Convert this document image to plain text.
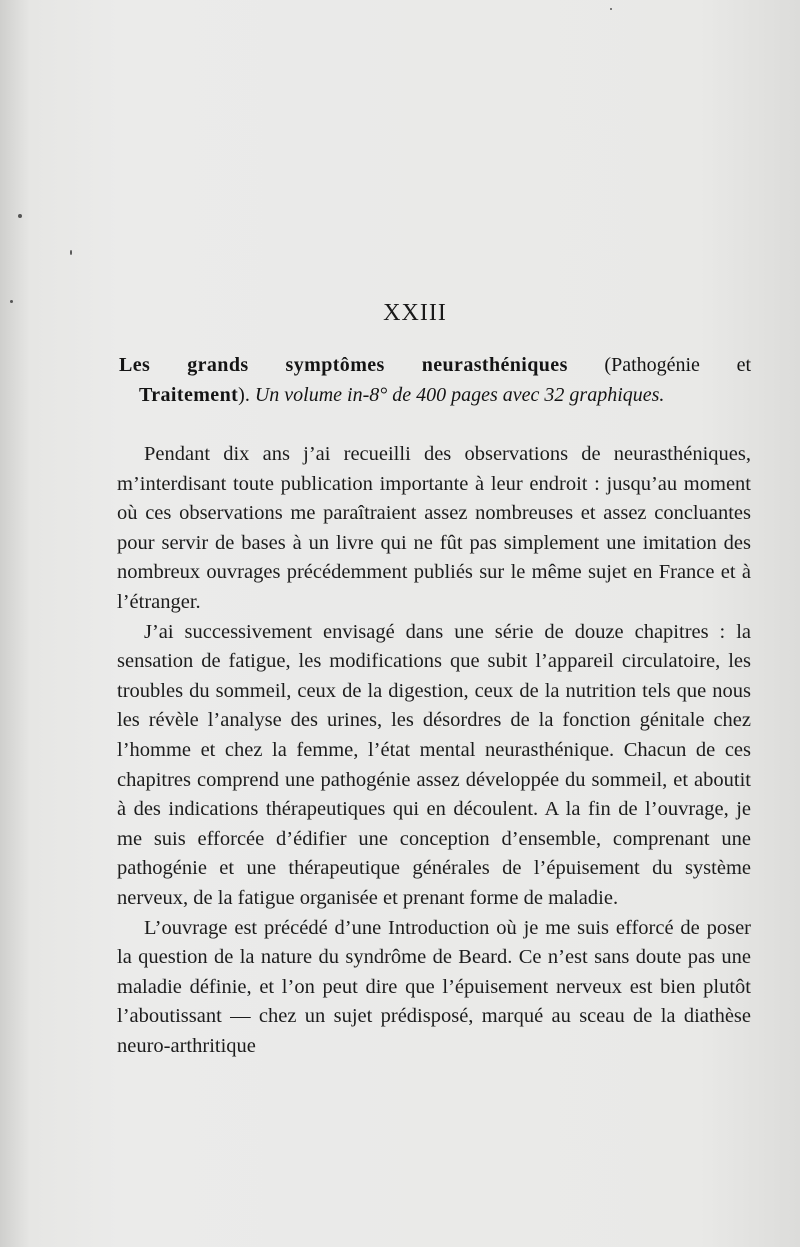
XXIII
Les grands symptômes neurasthéniques (Pathogénie et
Traitement). Un volume in-8° de 400 pages avec 32 graphiques.

Pendant dix ans j’ai recueilli des observations de neurasthéniques, m’interdisant toute publication importante à leur endroit : jusqu’au moment où ces observations me paraîtraient assez nombreuses et assez concluantes pour servir de bases à un livre qui ne fût pas simplement une imitation des nombreux ouvrages précédemment publiés sur le même sujet en France et à l’étranger.

J’ai successivement envisagé dans une série de douze chapitres : la sensation de fatigue, les modifications que subit l’appareil circulatoire, les troubles du sommeil, ceux de la digestion, ceux de la nutrition tels que nous les révèle l’analyse des urines, les désordres de la fonction génitale chez l’homme et chez la femme, l’état mental neurasthénique. Chacun de ces chapitres comprend une pathogénie assez développée du sommeil, et aboutit à des indications thérapeutiques qui en découlent. A la fin de l’ouvrage, je me suis efforcée d’édifier une conception d’ensemble, comprenant une pathogénie et une thérapeutique générales de l’épuisement du système nerveux, de la fatigue organisée et prenant forme de maladie.

L’ouvrage est précédé d’une Introduction où je me suis efforcé de poser la question de la nature du syndrôme de Beard. Ce n’est sans doute pas une maladie définie, et l’on peut dire que l’épuisement nerveux est bien plutôt l’aboutissant — chez un sujet prédisposé, marqué au sceau de la diathèse neuro-arthritique
